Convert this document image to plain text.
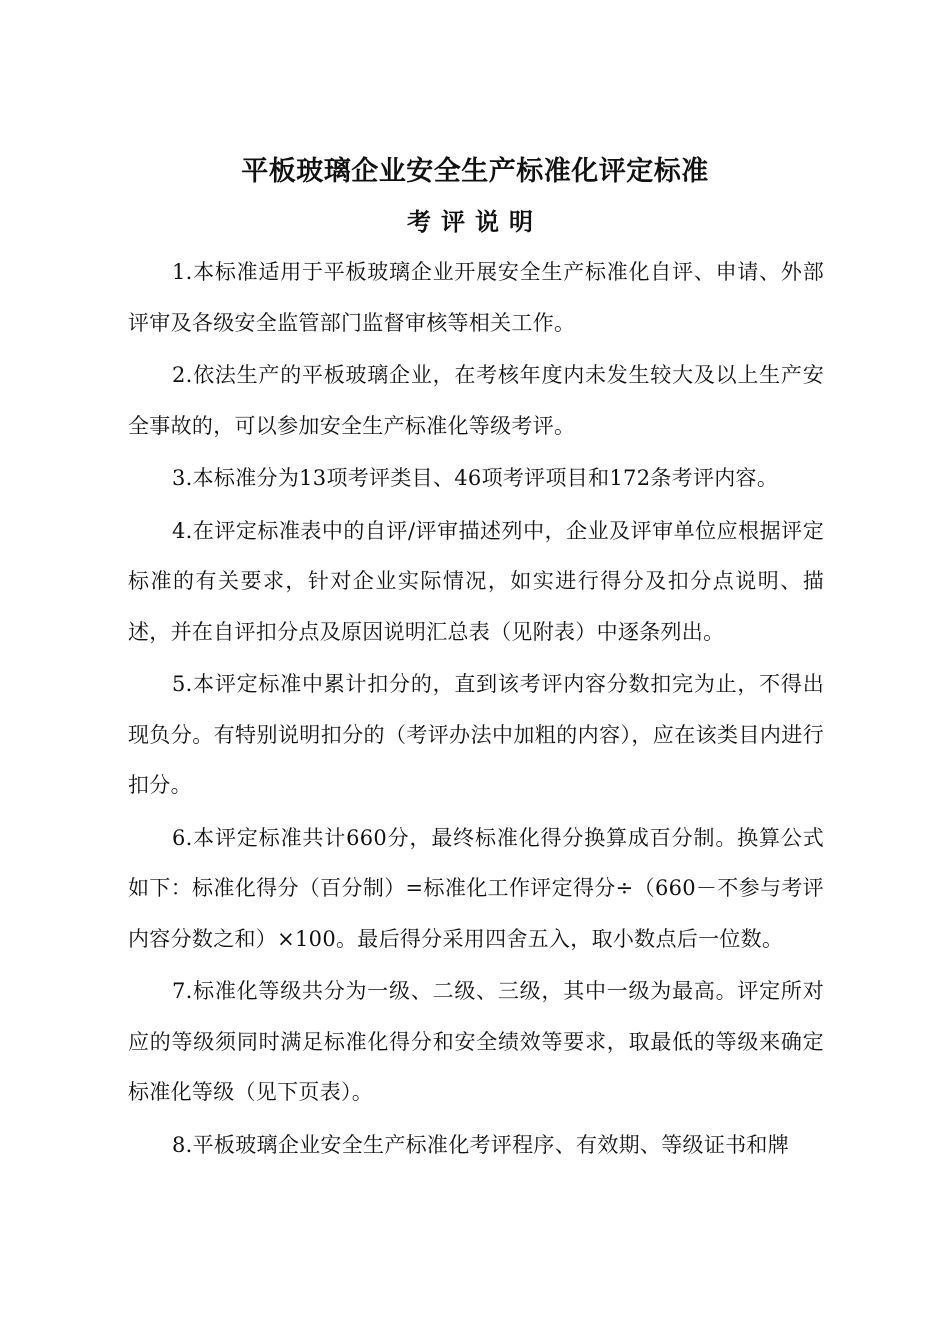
平板玻璃企业安全生产标准化评定标准
考评说明

1.本标准适用于平板玻璃企业开展安全生产标准化自评、申请、外部评审及各级安全监管部门监督审核等相关工作。

2.依法生产的平板玻璃企业，在考核年度内未发生较大及以上生产安全事故的，可以参加安全生产标准化等级考评。

3.本标准分为13项考评类目、46项考评项目和172条考评内容。

4.在评定标准表中的自评/评审描述列中，企业及评审单位应根据评定标准的有关要求，针对企业实际情况，如实进行得分及扣分点说明、描述，并在自评扣分点及原因说明汇总表（见附表）中逐条列出。

5.本评定标准中累计扣分的，直到该考评内容分数扣完为止，不得出现负分。有特别说明扣分的（考评办法中加粗的内容），应在该类目内进行扣分。

6.本评定标准共计660分，最终标准化得分换算成百分制。换算公式如下：标准化得分（百分制）=标准化工作评定得分÷（660－不参与考评内容分数之和）×100。最后得分采用四舍五入，取小数点后一位数。

7.标准化等级共分为一级、二级、三级，其中一级为最高。评定所对应的等级须同时满足标准化得分和安全绩效等要求，取最低的等级来确定标准化等级（见下页表）。

8.平板玻璃企业安全生产标准化考评程序、有效期、等级证书和牌
